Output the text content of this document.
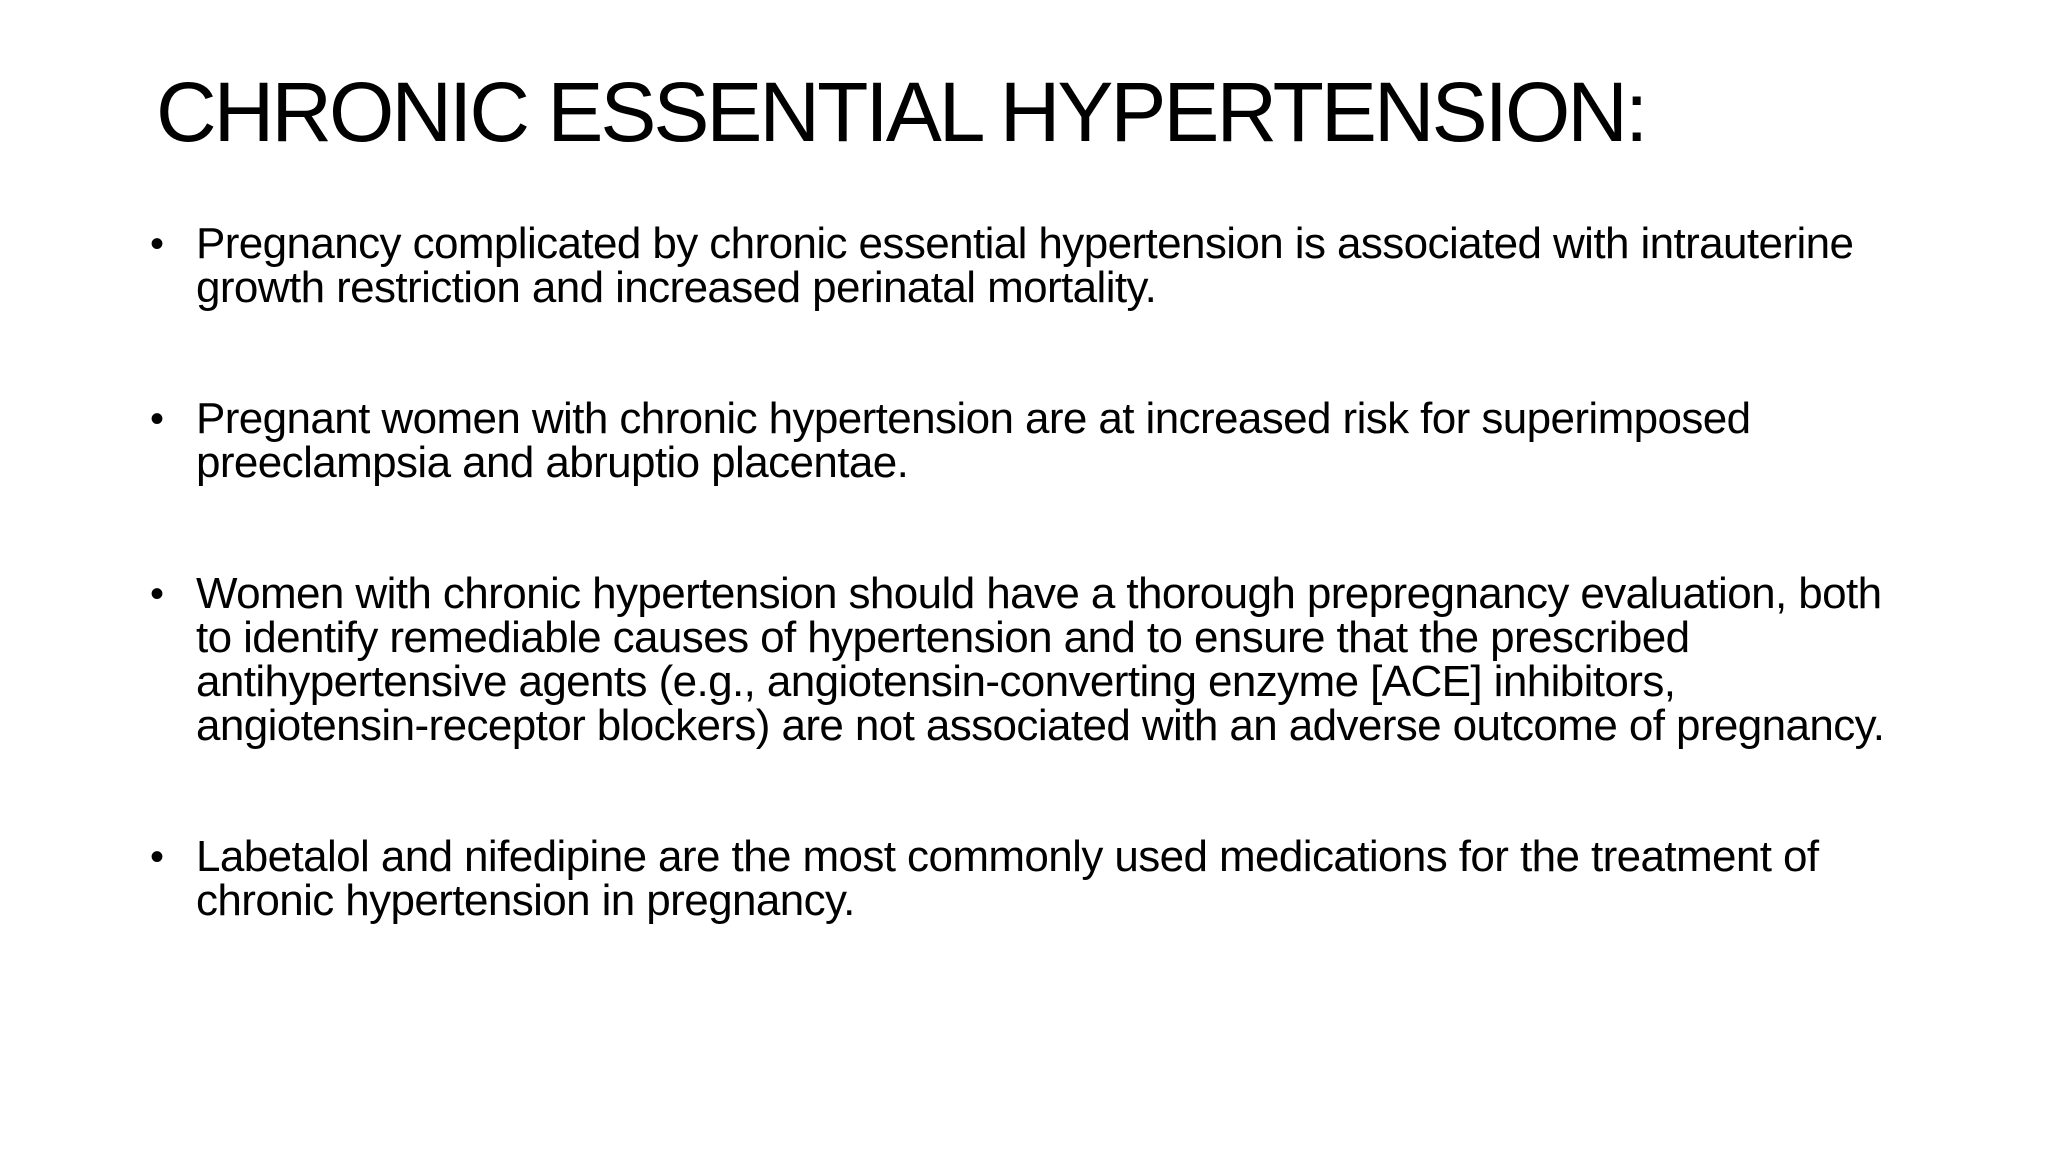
CHRONIC ESSENTIAL HYPERTENSION:
• Pregnancy complicated by chronic essential hypertension is associated with intrauterine growth restriction and increased perinatal mortality.
• Pregnant women with chronic hypertension are at increased risk for superimposed preeclampsia and abruptio placentae.
• Women with chronic hypertension should have a thorough prepregnancy evaluation, both to identify remediable causes of hypertension and to ensure that the prescribed antihypertensive agents (e.g., angiotensin-converting enzyme [ACE] inhibitors, angiotensin-receptor blockers) are not associated with an adverse outcome of pregnancy.
• Labetalol and nifedipine are the most commonly used medications for the treatment of chronic hypertension in pregnancy.
